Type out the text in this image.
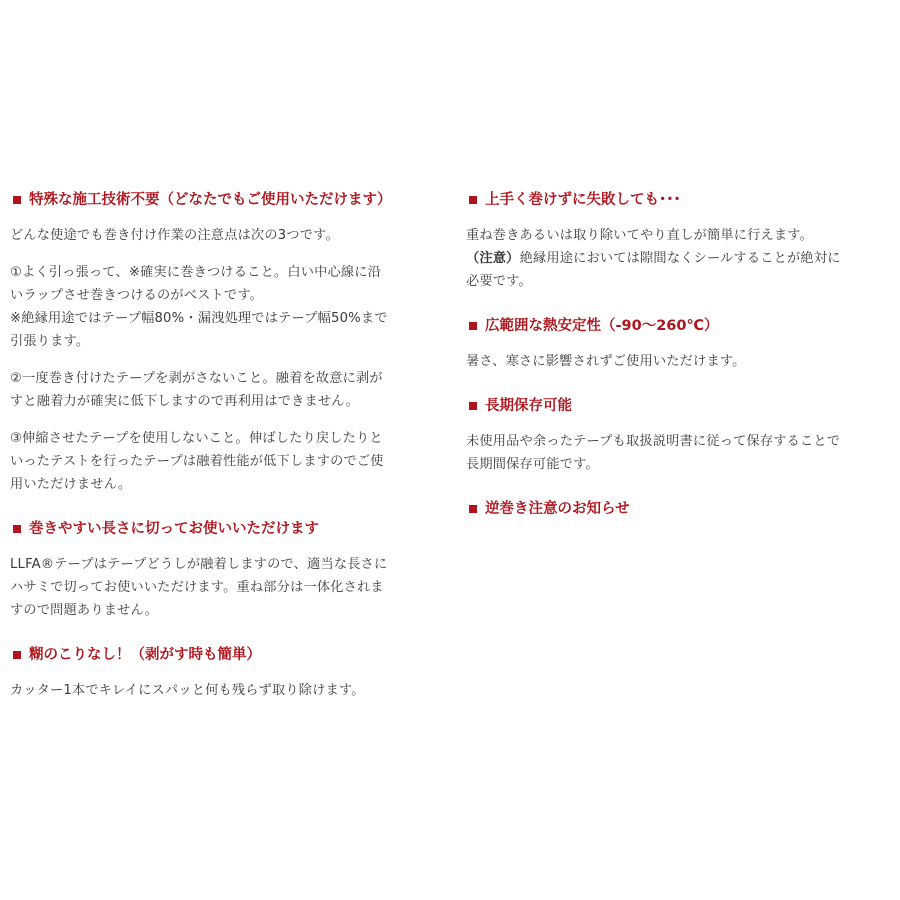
特殊な施工技術不要（どなたでもご使用いただけます）
どんな使途でも巻き付け作業の注意点は次の3つです。
①よく引っ張って、※確実に巻きつけること。白い中心線に沿
いラップさせ巻きつけるのがベストです。
※絶縁用途ではテープ幅80%・漏洩処理ではテープ幅50%まで
引張ります。
②一度巻き付けたテープを剥がさないこと。融着を故意に剥が
すと融着力が確実に低下しますので再利用はできません。
③伸縮させたテープを使用しないこと。伸ばしたり戻したりと
いったテストを行ったテープは融着性能が低下しますのでご使
用いただけません。
巻きやすい長さに切ってお使いいただけます
LLFA®テープはテープどうしが融着しますので、適当な長さに
ハサミで切ってお使いいただけます。重ね部分は一体化されま
すので問題ありません。
糊のこりなし！（剥がす時も簡単）
カッター1本でキレイにスパッと何も残らず取り除けます。
上手く巻けずに失敗しても･･･
重ね巻きあるいは取り除いてやり直しが簡単に行えます。
（注意）絶縁用途においては隙間なくシールすることが絶対に
必要です。
広範囲な熱安定性（-90〜260℃）
暑さ、寒さに影響されずご使用いただけます。
長期保存可能
未使用品や余ったテープも取扱説明書に従って保存することで
長期間保存可能です。
逆巻き注意のお知らせ
